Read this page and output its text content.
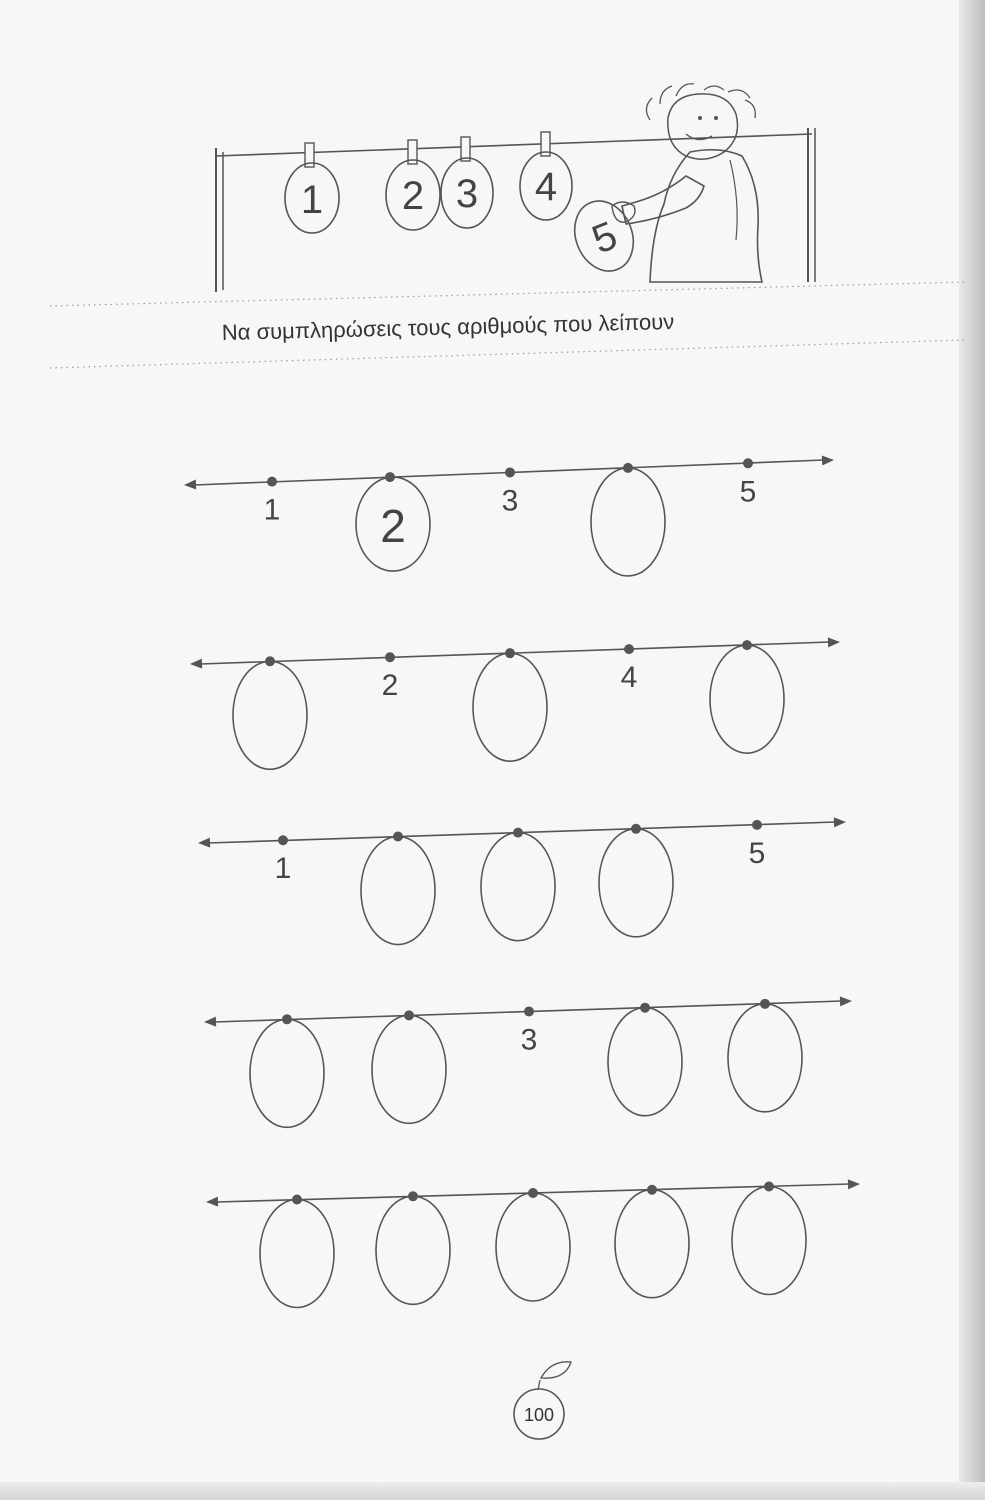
1 2 3 4
5
Να συμπληρώσεις τους αριθμούς που λείπουν
1 2	3	5
2	4
1	5
3
100
